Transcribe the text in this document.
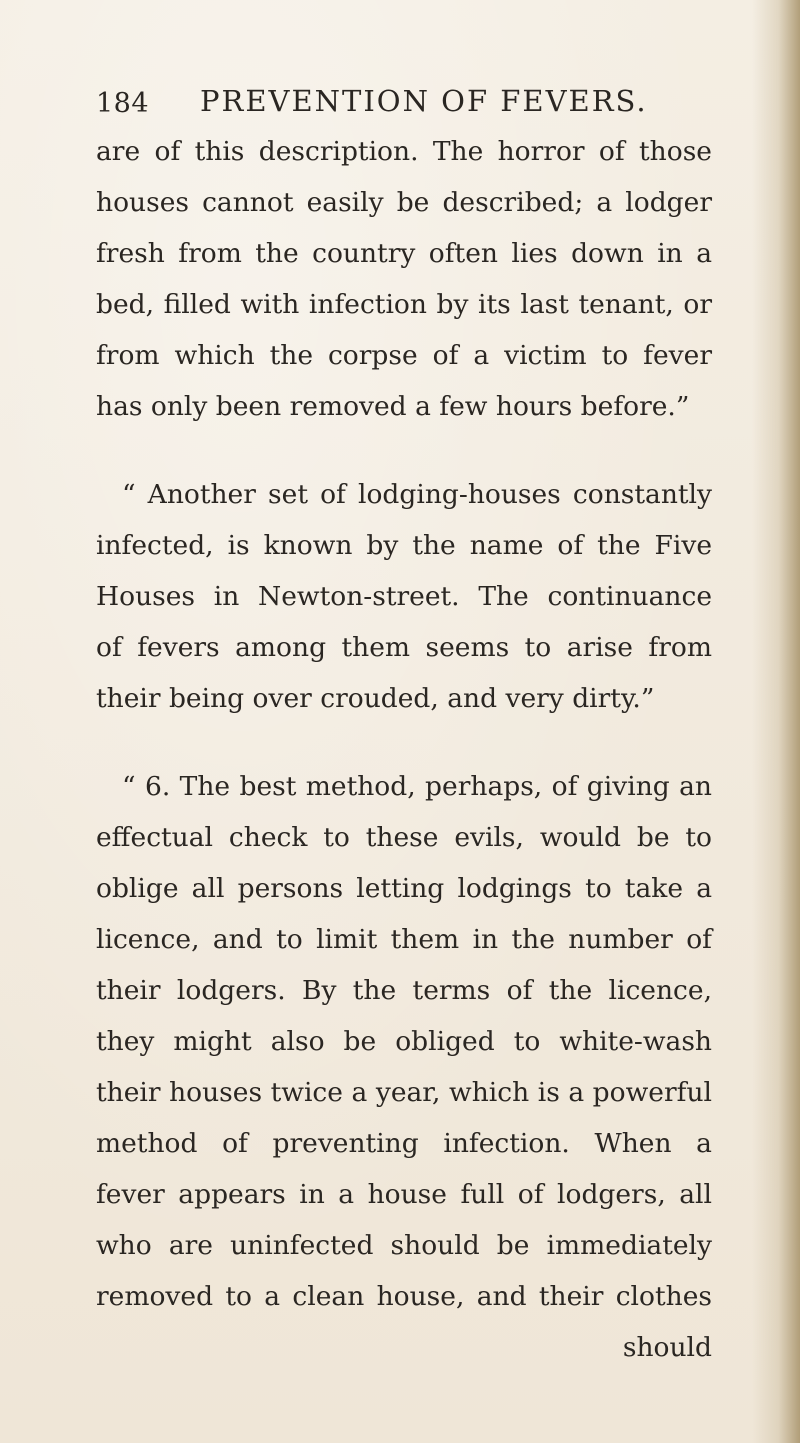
184 PREVENTION OF FEVERS.
are of this description. The horror of those
houses cannot easily be described; a lodger
fresh from the country often lies down in a
bed, filled with infection by its last tenant, or
from which the corpse of a victim to fever
has only been removed a few hours before.”
“ Another set of lodging-houses constantly
infected, is known by the name of the Five
Houses in Newton-street. The continuance
of fevers among them seems to arise from
their being over crouded, and very dirty.”
“ 6. The best method, perhaps, of giving an
effectual check to these evils, would be to
oblige all persons letting lodgings to take a
licence, and to limit them in the number of
their lodgers. By the terms of the licence,
they might also be obliged to white-wash
their houses twice a year, which is a powerful
method of preventing infection. When a
fever appears in a house full of lodgers, all
who are uninfected should be immediately
removed to a clean house, and their clothes
should
